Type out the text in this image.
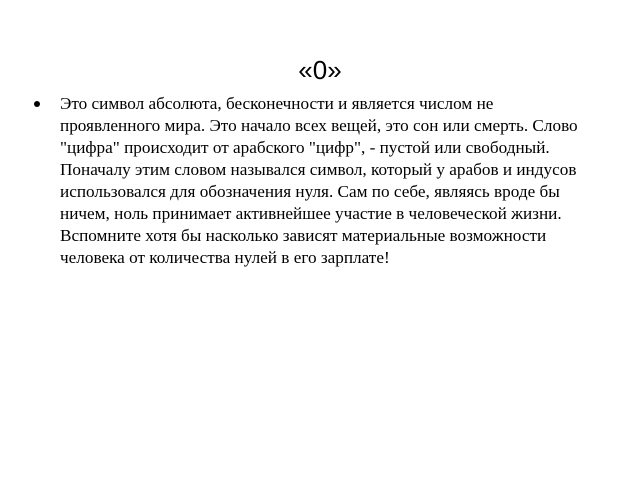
«0»
Это символ абсолюта, бесконечности и является числом не проявленного мира. Это начало всех вещей, это сон или смерть. Слово "цифра" происходит от арабского "цифр", - пустой или свободный. Поначалу этим словом назывался символ, который у арабов и индусов использовался для обозначения нуля. Сам по себе, являясь вроде бы ничем, ноль принимает активнейшее участие в человеческой жизни. Вспомните хотя бы насколько зависят материальные возможности человека от количества нулей в его зарплате!
